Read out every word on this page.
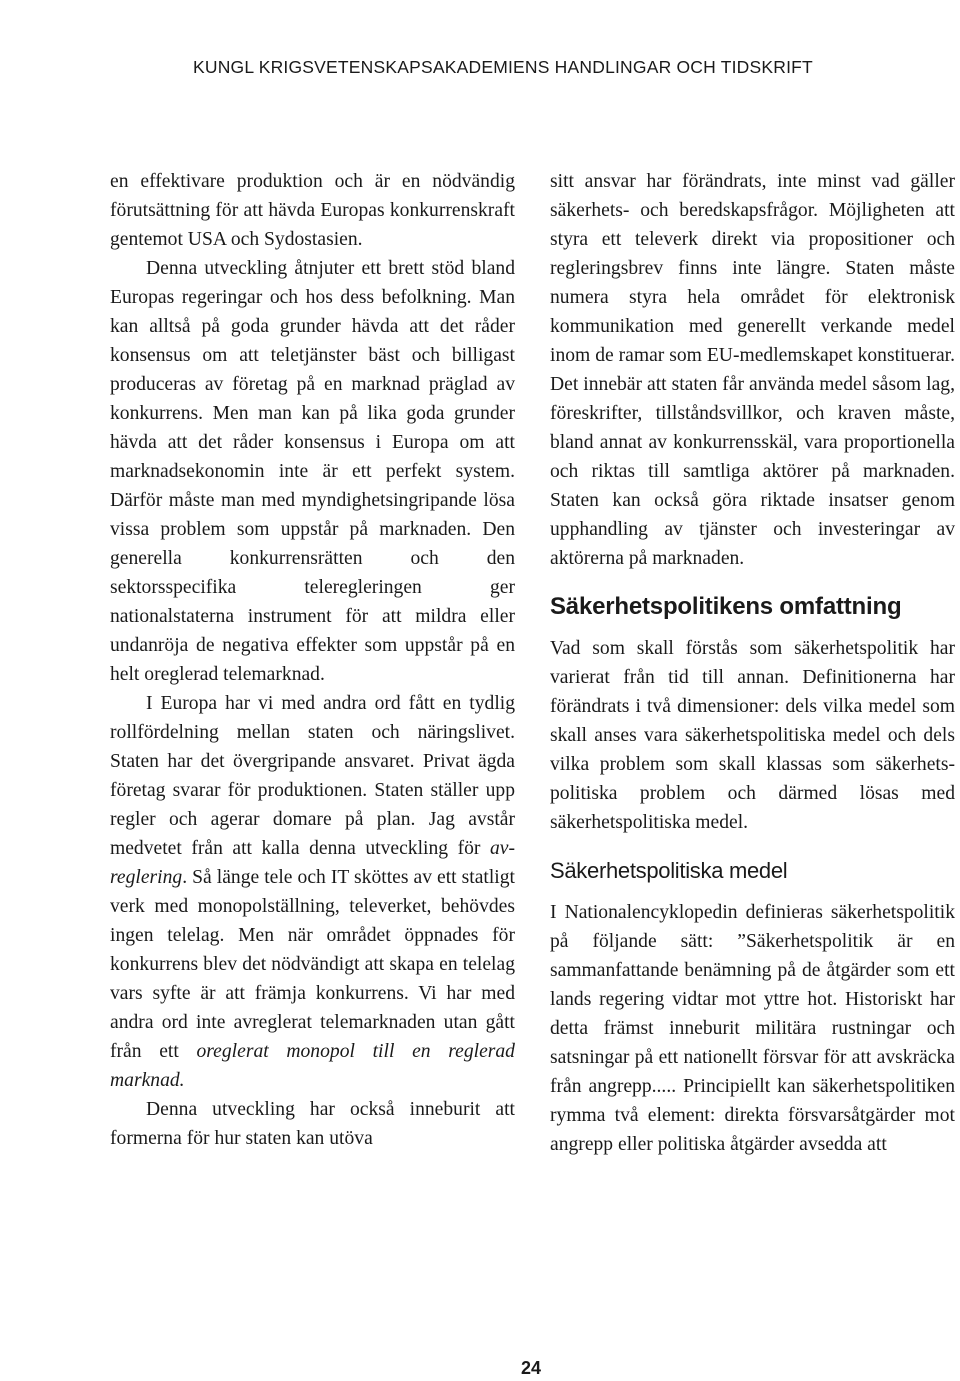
KUNGL KRIGSVETENSKAPSAKADEMIENS HANDLINGAR OCH TIDSKRIFT

en effektivare produktion och är en nödvändig förutsättning för att hävda Europas konkurrenskraft gentemot USA och Sydostasien.

Denna utveckling åtnjuter ett brett stöd bland Europas regeringar och hos dess befolkning. Man kan alltså på goda grunder hävda att det råder konsensus om att teletjänster bäst och billigast produceras av företag på en marknad präglad av konkurrens. Men man kan på lika goda grunder hävda att det råder konsensus i Europa om att marknadsekonomin inte är ett perfekt system. Därför måste man med myndighetsingripande lösa vissa problem som uppstår på marknaden. Den generella konkurrensrätten och den sektorsspecifika teleregleringen ger nationalstaterna instrument för att mildra eller undanröja de negativa effekter som uppstår på en helt oreglerad telemarknad.

I Europa har vi med andra ord fått en tydlig rollfördelning mellan staten och näringslivet. Staten har det övergripande ansvaret. Privat ägda företag svarar för produktionen. Staten ställer upp regler och agerar domare på plan. Jag avstår medvetet från att kalla denna utveckling för avreglering. Så länge tele och IT sköttes av ett statligt verk med monopolställning, televerket, behövdes ingen telelag. Men när området öppnades för konkurrens blev det nödvändigt att skapa en telelag vars syfte är att främja konkurrens. Vi har med andra ord inte avreglerat telemarknaden utan gått från ett oreglerat monopol till en reglerad marknad.

Denna utveckling har också inneburit att formerna för hur staten kan utöva

sitt ansvar har förändrats, inte minst vad gäller säkerhets- och beredskapsfrågor. Möjligheten att styra ett televerk direkt via propositioner och regleringsbrev finns inte längre. Staten måste numera styra hela området för elektronisk kommunikation med generellt verkande medel inom de ramar som EU-medlemskapet konstituerar. Det innebär att staten får använda medel såsom lag, föreskrifter, tillståndsvillkor, och kraven måste, bland annat av konkurrensskäl, vara proportionella och riktas till samtliga aktörer på marknaden. Staten kan också göra riktade insatser genom upphandling av tjänster och investeringar av aktörerna på marknaden.

Säkerhetspolitikens omfattning

Vad som skall förstås som säkerhetspolitik har varierat från tid till annan. Definitionerna har förändrats i två dimensioner: dels vilka medel som skall anses vara säkerhetspolitiska medel och dels vilka problem som skall klassas som säkerhetspolitiska problem och därmed lösas med säkerhetspolitiska medel.

Säkerhetspolitiska medel

I Nationalencyklopedin definieras säkerhetspolitik på följande sätt: ”Säkerhetspolitik är en sammanfattande benämning på de åtgärder som ett lands regering vidtar mot yttre hot. Historiskt har detta främst inneburit militära rustningar och satsningar på ett nationellt försvar för att avskräcka från angrepp..... Principiellt kan säkerhetspolitiken rymma två element: direkta försvarsåtgärder mot angrepp eller politiska åtgärder avsedda att

24
